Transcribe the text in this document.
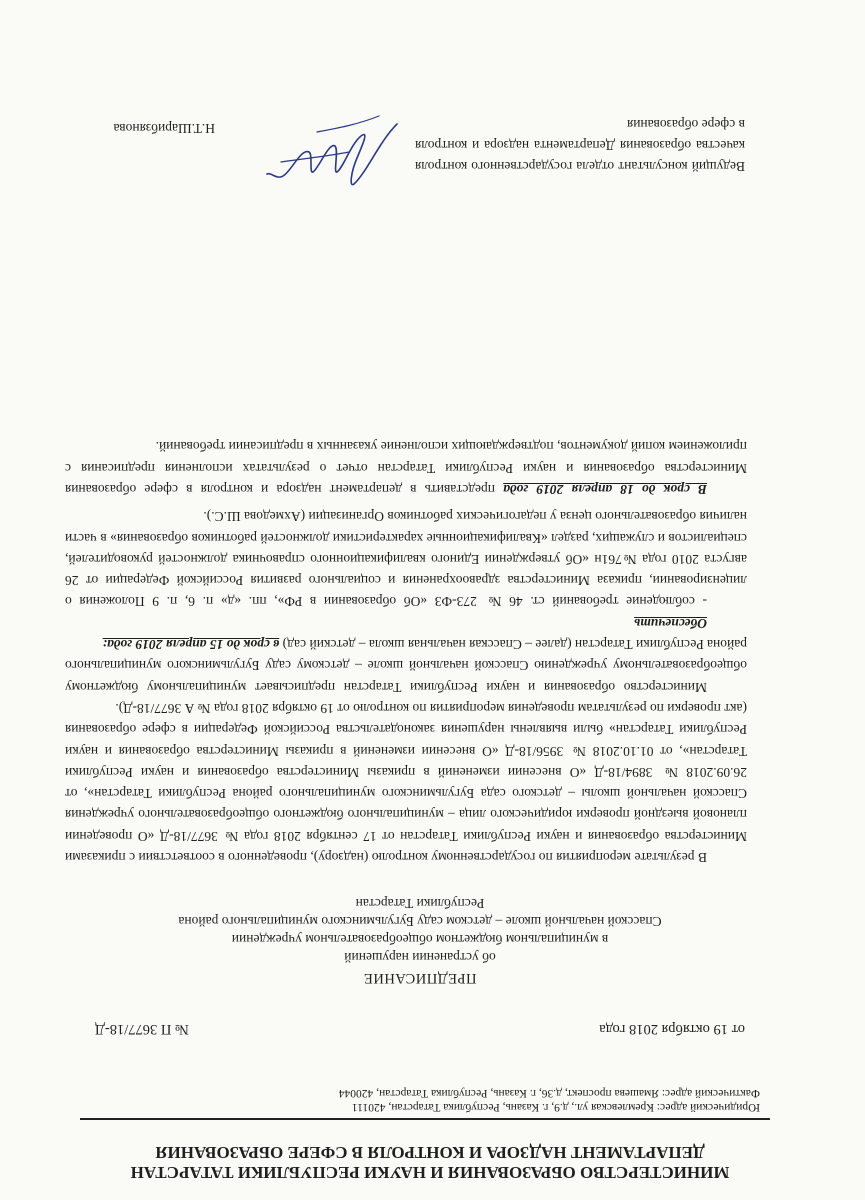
МИНИСТЕРСТВО ОБРАЗОВАНИЯ И НАУКИ РЕСПУБЛИКИ ТАТАРСТАН
ДЕПАРТАМЕНТ НАДЗОРА И КОНТРОЛЯ В СФЕРЕ ОБРАЗОВАНИЯ
Юридический адрес: Кремлевская ул., д.9, г. Казань, Республика Татарстан, 420111
Фактический адрес: Ямашева проспект, д.36, г. Казань, Республика Татарстан, 420044
от 19 октября 2018 года
№ П 3677/18-Д
ПРЕДПИСАНИЕ
об устранении нарушений
в муниципальном бюджетном общеобразовательном учреждении
Спасской начальной школе – детском саду Бугульминского муниципального района
Республики Татарстан

В результате мероприятия по государственному контролю (надзору), проведенного в соответствии с приказами Министерства образования и науки Республики Татарстан от 17 сентября 2018 года № 3677/18-Д «О проведении плановой выездной проверки юридического лица – муниципального бюджетного общеобразовательного учреждения Спасской начальной школы – детского сада Бугульминского муниципального района Республики Татарстан», от 26.09.2018 № 3894/18-Д «О внесении изменений в приказы Министерства образования и науки Республики Татарстан», от 01.10.2018 № 3956/18-Д «О внесении изменений в приказы Министерства образования и науки Республики Татарстан» были выявлены нарушения законодательства Российской Федерации в сфере образования (акт проверки по результатам проведения мероприятия по контролю от 19 октября 2018 года № А 3677/18-Д).

Министерство образования и науки Республики Татарстан предписывает муниципальному бюджетному общеобразовательному учреждению Спасской начальной школе – детскому саду Бугульминского муниципального района Республики Татарстан (далее – Спасская начальная школа – детский сад) в срок до 15 апреля 2019 года:

Обеспечить

- соблюдение требований ст. 46 № 273-ФЗ «Об образовании в РФ», пп. «д» п. 6, п. 9 Положения о лицензировании, приказа Министерства здравоохранения и социального развития Российской Федерации от 26 августа 2010 года №761н «Об утверждении Единого квалификационного справочника должностей руководителей, специалистов и служащих, раздел «Квалификационные характеристики должностей работников образования» в части наличия образовательного ценза у педагогических работников Организации (Ахмедова Ш.С.).

В срок до 18 апреля 2019 года представить в департамент надзора и контроля в сфере образования Министерства образования и науки Республики Татарстан отчет о результатах исполнения предписания с приложением копий документов, подтверждающих исполнение указанных в предписании требований.

Ведущий консультант отдела государственного контроля качества образования Департамента надзора и контроля в сфере образования
Н.Т.Шарибзянова
